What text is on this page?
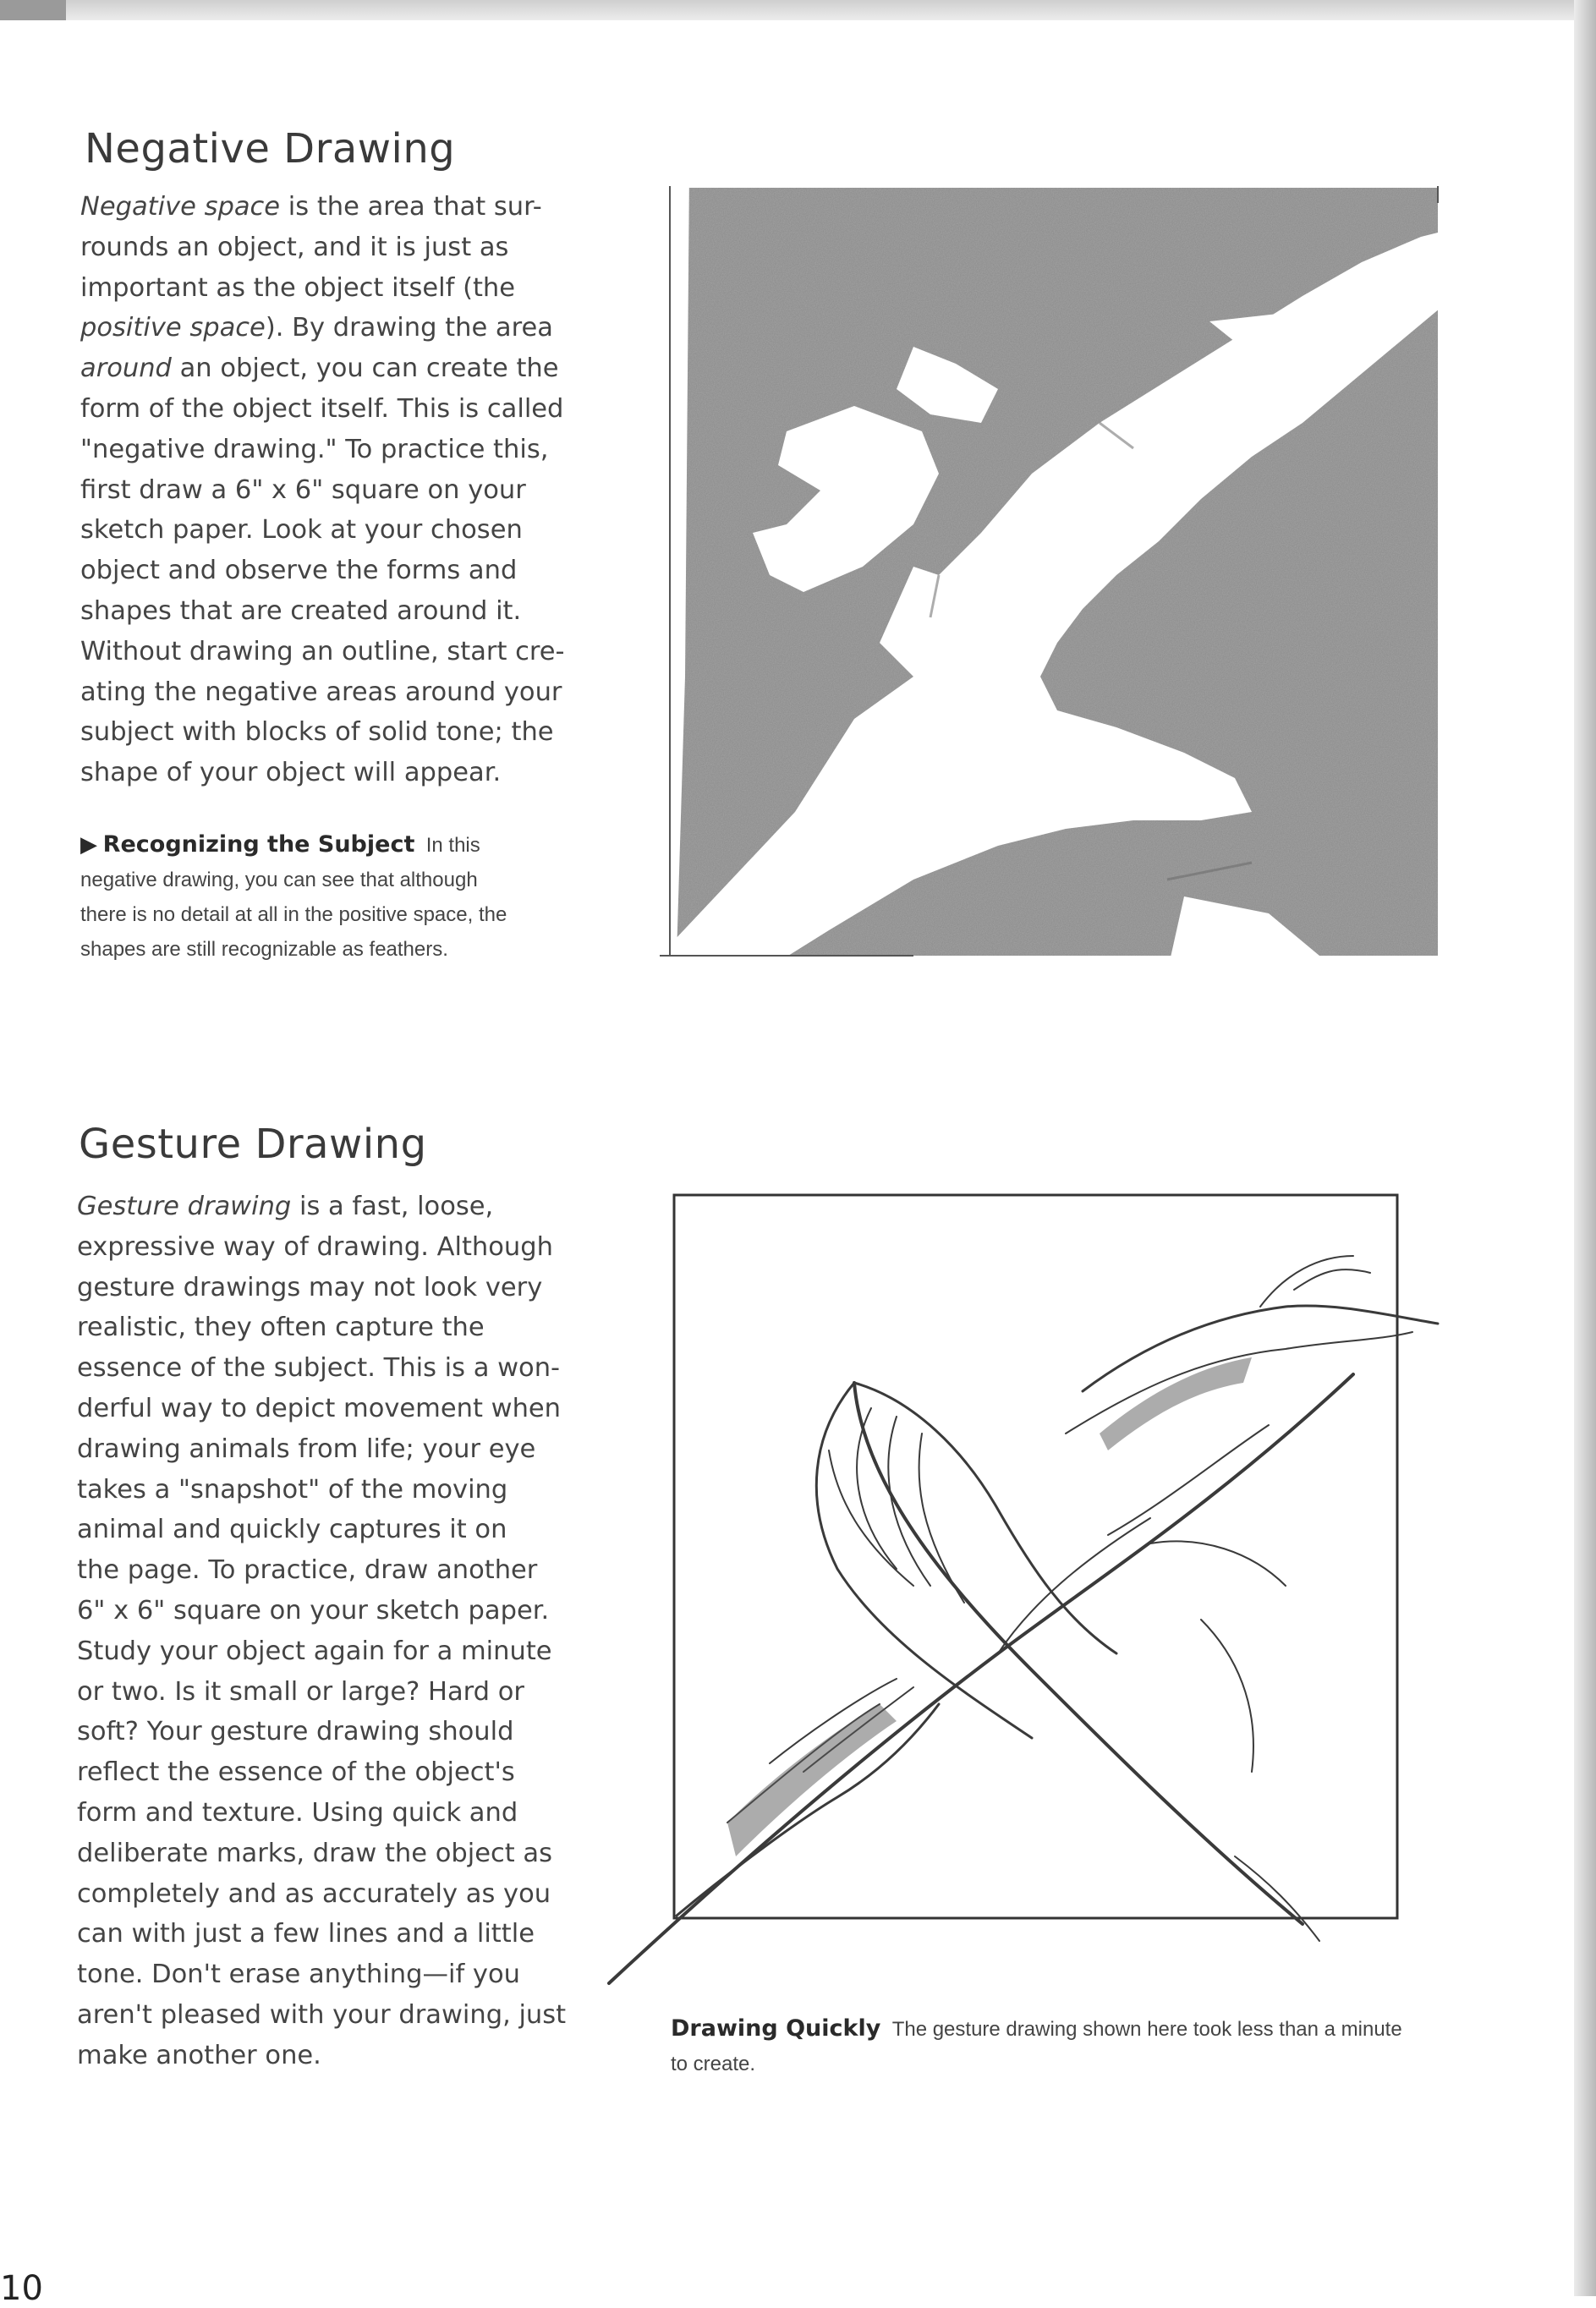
Negative Drawing
Negative space is the area that sur-
rounds an object, and it is just as
important as the object itself (the
positive space). By drawing the area
around an object, you can create the
form of the object itself. This is called
"negative drawing." To practice this,
first draw a 6" x 6" square on your
sketch paper. Look at your chosen
object and observe the forms and
shapes that are created around it.
Without drawing an outline, start cre-
ating the negative areas around your
subject with blocks of solid tone; the
shape of your object will appear.
▶ Recognizing the Subject In this
negative drawing, you can see that although
there is no detail at all in the positive space, the
shapes are still recognizable as feathers.
Gesture Drawing
Gesture drawing is a fast, loose,
expressive way of drawing. Although
gesture drawings may not look very
realistic, they often capture the
essence of the subject. This is a won-
derful way to depict movement when
drawing animals from life; your eye
takes a "snapshot" of the moving
animal and quickly captures it on
the page. To practice, draw another
6" x 6" square on your sketch paper.
Study your object again for a minute
or two. Is it small or large? Hard or
soft? Your gesture drawing should
reflect the essence of the object's
form and texture. Using quick and
deliberate marks, draw the object as
completely and as accurately as you
can with just a few lines and a little
tone. Don't erase anything—if you
aren't pleased with your drawing, just
make another one.
Drawing Quickly The gesture drawing shown here took less than a minute
to create.
10
